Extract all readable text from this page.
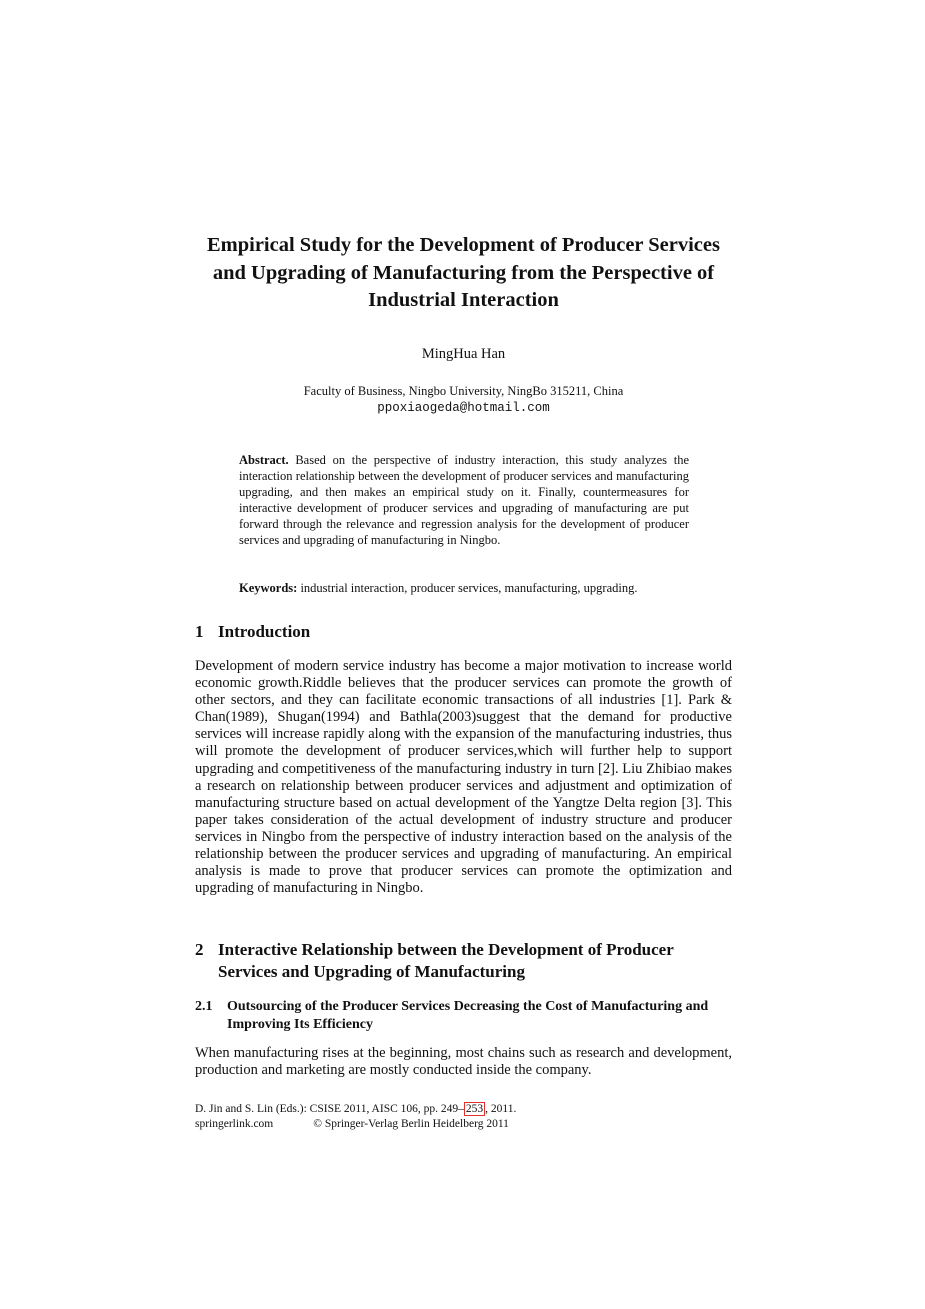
Empirical Study for the Development of Producer Services and Upgrading of Manufacturing from the Perspective of Industrial Interaction
MingHua Han
Faculty of Business, Ningbo University, NingBo 315211, China
ppoxiaogeda@hotmail.com

Abstract. Based on the perspective of industry interaction, this study analyzes the interaction relationship between the development of producer services and manufacturing upgrading, and then makes an empirical study on it. Finally, countermeasures for interactive development of producer services and upgrading of manufacturing are put forward through the relevance and regression analysis for the development of producer services and upgrading of manufacturing in Ningbo.

Keywords: industrial interaction, producer services, manufacturing, upgrading.

1 Introduction

Development of modern service industry has become a major motivation to increase world economic growth.Riddle believes that the producer services can promote the growth of other sectors, and they can facilitate economic transactions of all industries [1]. Park & Chan(1989), Shugan(1994) and Bathla(2003)suggest that the demand for productive services will increase rapidly along with the expansion of the manufacturing industries, thus will promote the development of producer services,which will further help to support upgrading and competitiveness of the manufacturing industry in turn [2]. Liu Zhibiao makes a research on relationship between producer services and adjustment and optimization of manufacturing structure based on actual development of the Yangtze Delta region [3]. This paper takes consideration of the actual development of industry structure and producer services in Ningbo from the perspective of industry interaction based on the analysis of the relationship between the producer services and upgrading of manufacturing. An empirical analysis is made to prove that producer services can promote the optimization and upgrading of manufacturing in Ningbo.

2 Interactive Relationship between the Development of Producer Services and Upgrading of Manufacturing
2.1 Outsourcing of the Producer Services Decreasing the Cost of Manufacturing and Improving Its Efficiency

When manufacturing rises at the beginning, most chains such as research and development, production and marketing are mostly conducted inside the company.

D. Jin and S. Lin (Eds.): CSISE 2011, AISC 106, pp. 249– 253 , 2011.
springerlink.com	© Springer-Verlag Berlin Heidelberg 2011
